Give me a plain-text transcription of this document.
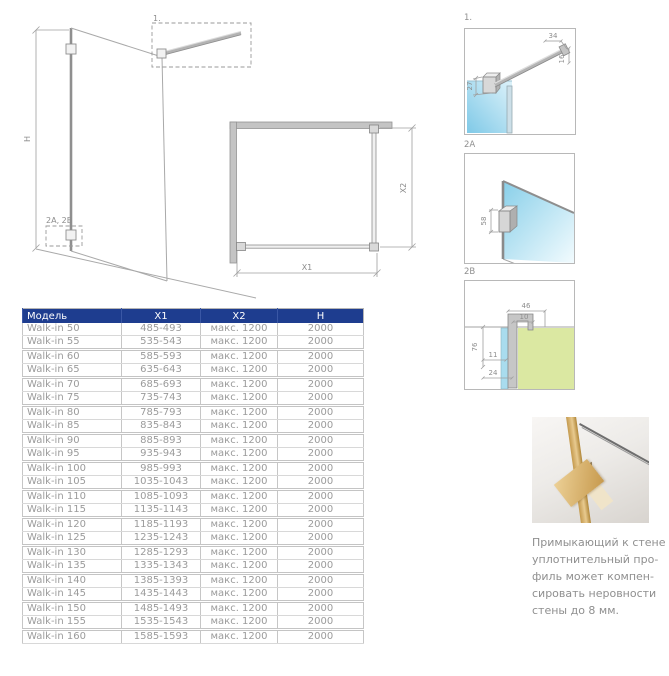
H
1.
2A, 2B
X2
X1
1.
27
34
16
2A
58
2B
46
10
76
11
24
Модель	X1	X2	H
Walk-in 50	485-493	макс. 1200	2000
Walk-in 55	535-543	макс. 1200	2000
Walk-in 60	585-593	макс. 1200	2000
Walk-in 65	635-643	макс. 1200	2000
Walk-in 70	685-693	макс. 1200	2000
Walk-in 75	735-743	макс. 1200	2000
Walk-in 80	785-793	макс. 1200	2000
Walk-in 85	835-843	макс. 1200	2000
Walk-in 90	885-893	макс. 1200	2000
Walk-in 95	935-943	макс. 1200	2000
Walk-in 100	985-993	макс. 1200	2000
Walk-in 105	1035-1043	макс. 1200	2000
Walk-in 110	1085-1093	макс. 1200	2000
Walk-in 115	1135-1143	макс. 1200	2000
Walk-in 120	1185-1193	макс. 1200	2000
Walk-in 125	1235-1243	макс. 1200	2000
Walk-in 130	1285-1293	макс. 1200	2000
Walk-in 135	1335-1343	макс. 1200	2000
Walk-in 140	1385-1393	макс. 1200	2000
Walk-in 145	1435-1443	макс. 1200	2000
Walk-in 150	1485-1493	макс. 1200	2000
Walk-in 155	1535-1543	макс. 1200	2000
Walk-in 160	1585-1593	макс. 1200	2000
Примыкающий к стене
уплотнительный про-
филь может компен-
сировать неровности
стены до 8 мм.
